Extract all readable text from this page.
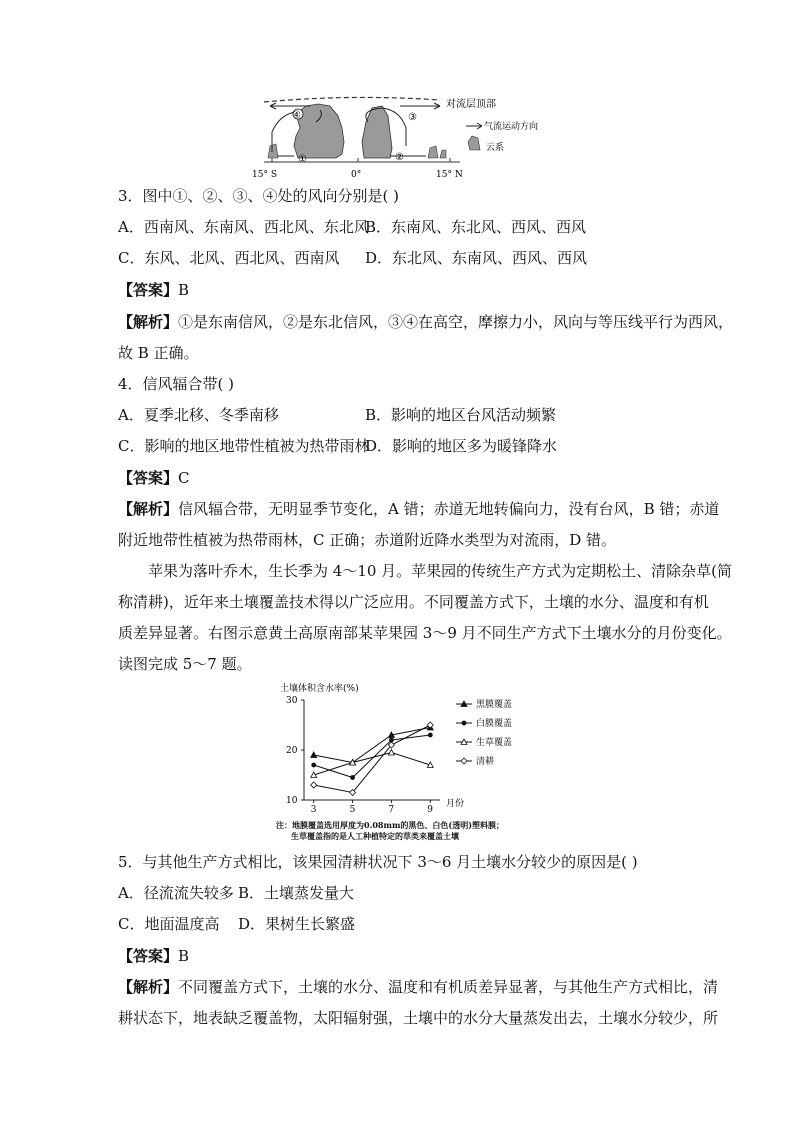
对流层顶部
④	③
①	②
15° S	0°	15° N
气流运动方向
云系
3．图中①、②、③、④处的风向分别是( )
A．西南风、东南风、西北风、东北风
B．东南风、东北风、西风、西风
C．东风、北风、西北风、西南风 D．东北风、东南风、西风、西风
【答案】B
【解析】①是东南信风，②是东北信风，③④在高空，摩擦力小，风向与等压线平行为西风，
故 B 正确。
4．信风辐合带( )
A．夏季北移、冬季南移	B．影响的地区台风活动频繁
C．影响的地区地带性植被为热带雨林
D．影响的地区多为暖锋降水
【答案】C
【解析】信风辐合带，无明显季节变化，A 错；赤道无地转偏向力，没有台风，B 错；赤道
附近地带性植被为热带雨林，C 正确；赤道附近降水类型为对流雨，D 错。
苹果为落叶乔木，生长季为 4～10 月。苹果园的传统生产方式为定期松土、清除杂草(简
称清耕)，近年来土壤覆盖技术得以广泛应用。不同覆盖方式下，土壤的水分、温度和有机
质差异显著。右图示意黄土高原南部某苹果园 3～9 月不同生产方式下土壤水分的月份变化。
读图完成 5～7 题。
土壤体积含水率(%)
10
20
30
3	5	7	9
黑膜覆盖
白膜覆盖
生草覆盖
清耕
月份
注：地膜覆盖选用厚度为0.08mm的黑色、白色(透明)塑料膜；
生草覆盖指的是人工种植特定的草类来覆盖土壤
5．与其他生产方式相比，该果园清耕状况下 3～6 月土壤水分较少的原因是( )
A．径流流失较多 B．土壤蒸发量大
C．地面温度高 D．果树生长繁盛
【答案】B
【解析】不同覆盖方式下，土壤的水分、温度和有机质差异显著，与其他生产方式相比，清
耕状态下，地表缺乏覆盖物，太阳辐射强，土壤中的水分大量蒸发出去，土壤水分较少，所
